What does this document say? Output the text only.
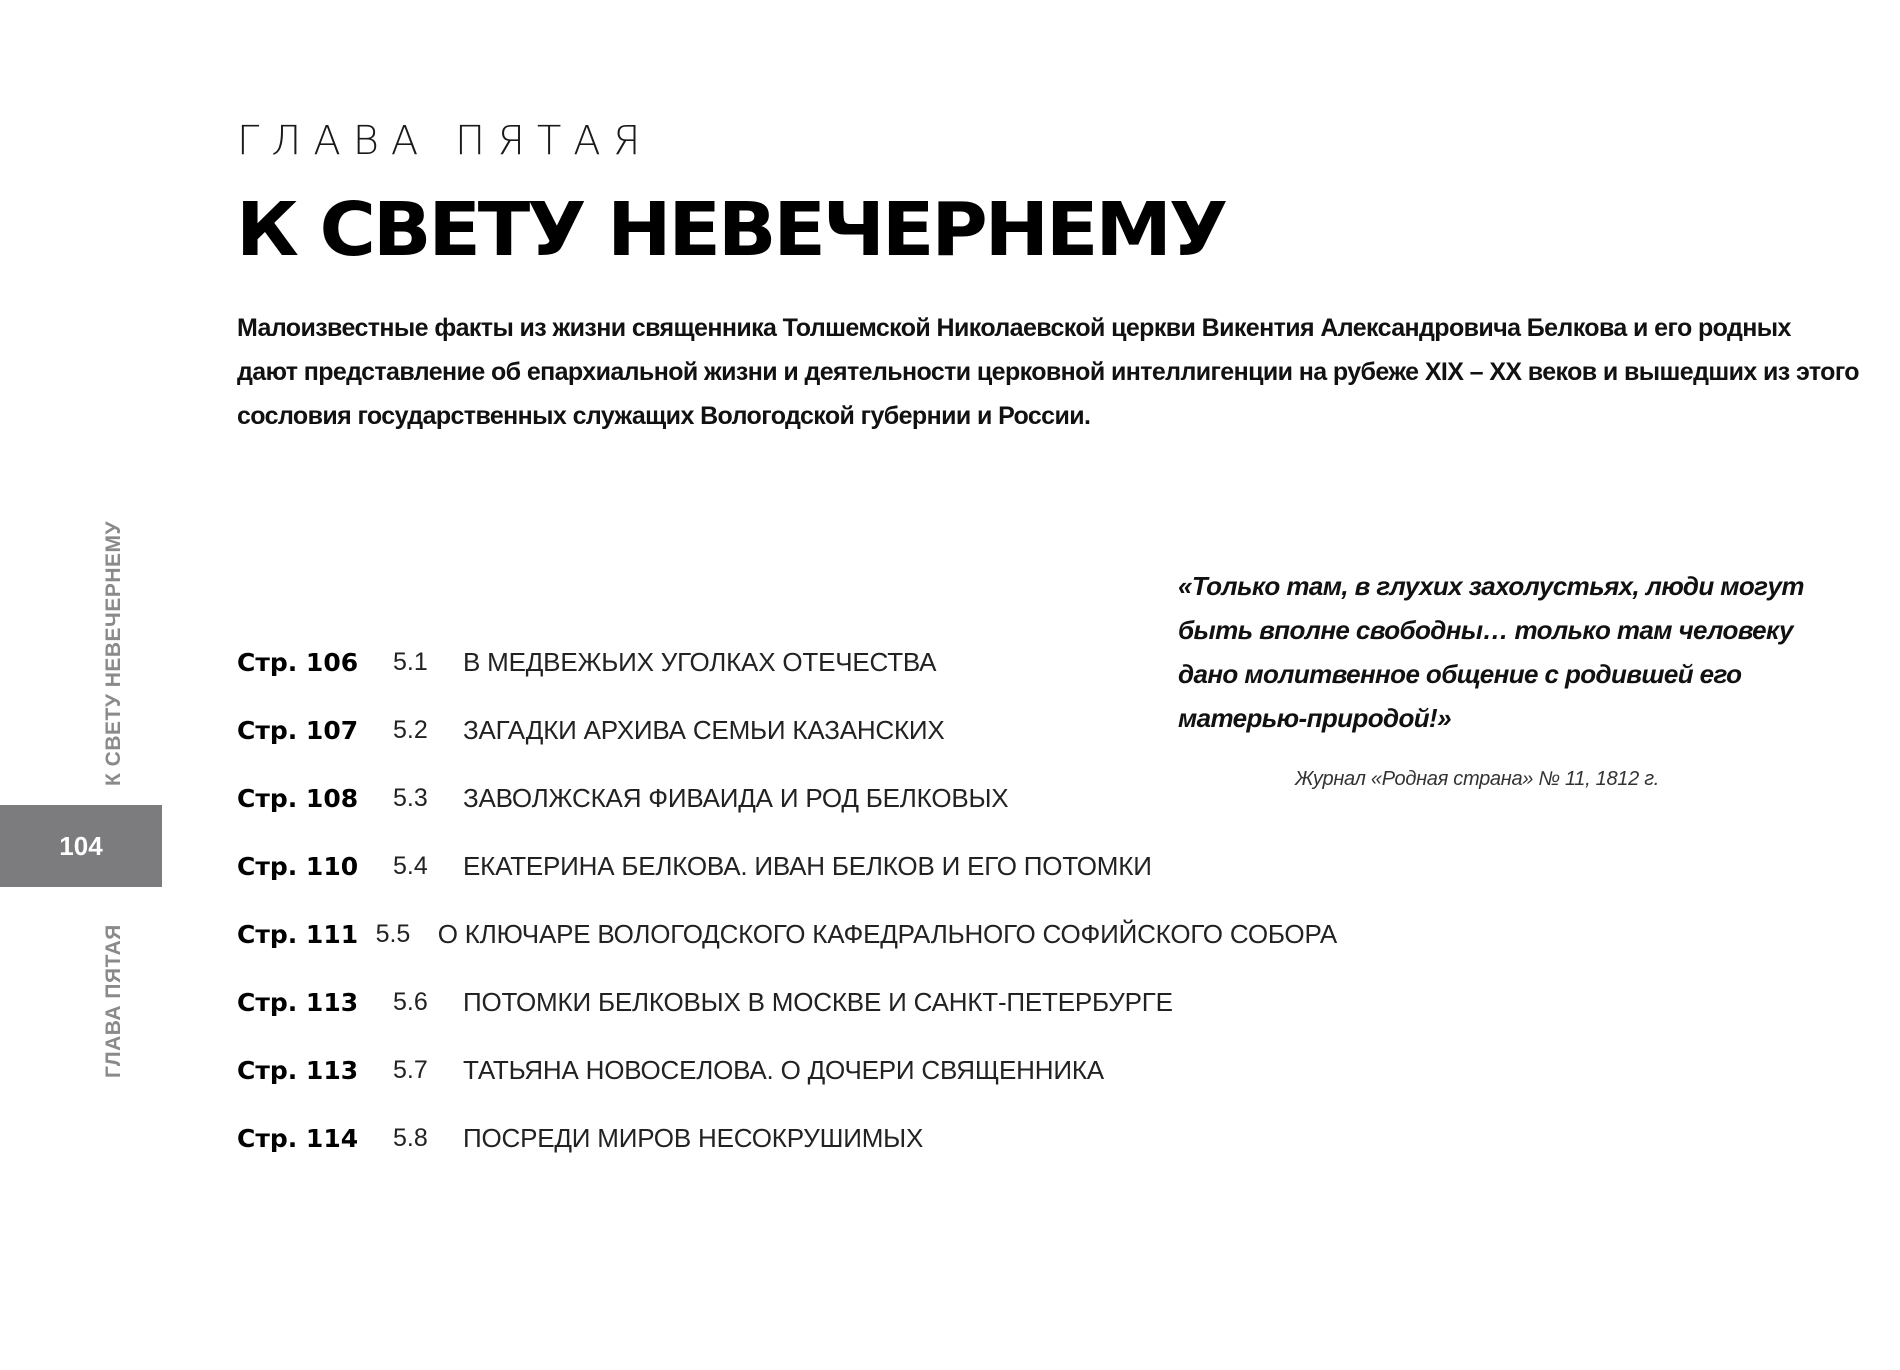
ГЛАВА ПЯТАЯ
К СВЕТУ НЕВЕЧЕРНЕМУ
Малоизвестные факты из жизни священника Толшемской Николаевской церкви Викентия Александровича Белкова и его родных
дают представление об епархиальной жизни и деятельности церковной интеллигенции на рубеже XIX – XX веков и вышедших из этого
сословия государственных служащих Вологодской губернии и России.
Стр. 106	5.1	В МЕДВЕЖЬИХ УГОЛКАХ ОТЕЧЕСТВА
Стр. 107	5.2	ЗАГАДКИ АРХИВА СЕМЬИ КАЗАНСКИХ
Стр. 108	5.3	ЗАВОЛЖСКАЯ ФИВАИДА И РОД БЕЛКОВЫХ
Стр. 110	5.4	ЕКАТЕРИНА БЕЛКОВА. ИВАН БЕЛКОВ И ЕГО ПОТОМКИ
Стр. 111 5.5	О КЛЮЧАРЕ ВОЛОГОДСКОГО КАФЕДРАЛЬНОГО СОФИЙСКОГО СОБОРА
Стр. 113	5.6	ПОТОМКИ БЕЛКОВЫХ В МОСКВЕ И САНКТ-ПЕТЕРБУРГЕ
Стр. 113	5.7	ТАТЬЯНА НОВОСЕЛОВА. О ДОЧЕРИ СВЯЩЕННИКА
Стр. 114	5.8	ПОСРЕДИ МИРОВ НЕСОКРУШИМЫХ
«Только там, в глухих захолустьях, люди могут
быть вполне свободны… только там человеку
дано молитвенное общение с родившей его
матерью-природой!»
Журнал «Родная страна» № 11, 1812 г.
К СВЕТУ НЕВЕЧЕРНЕМУ
104
ГЛАВА ПЯТАЯ
